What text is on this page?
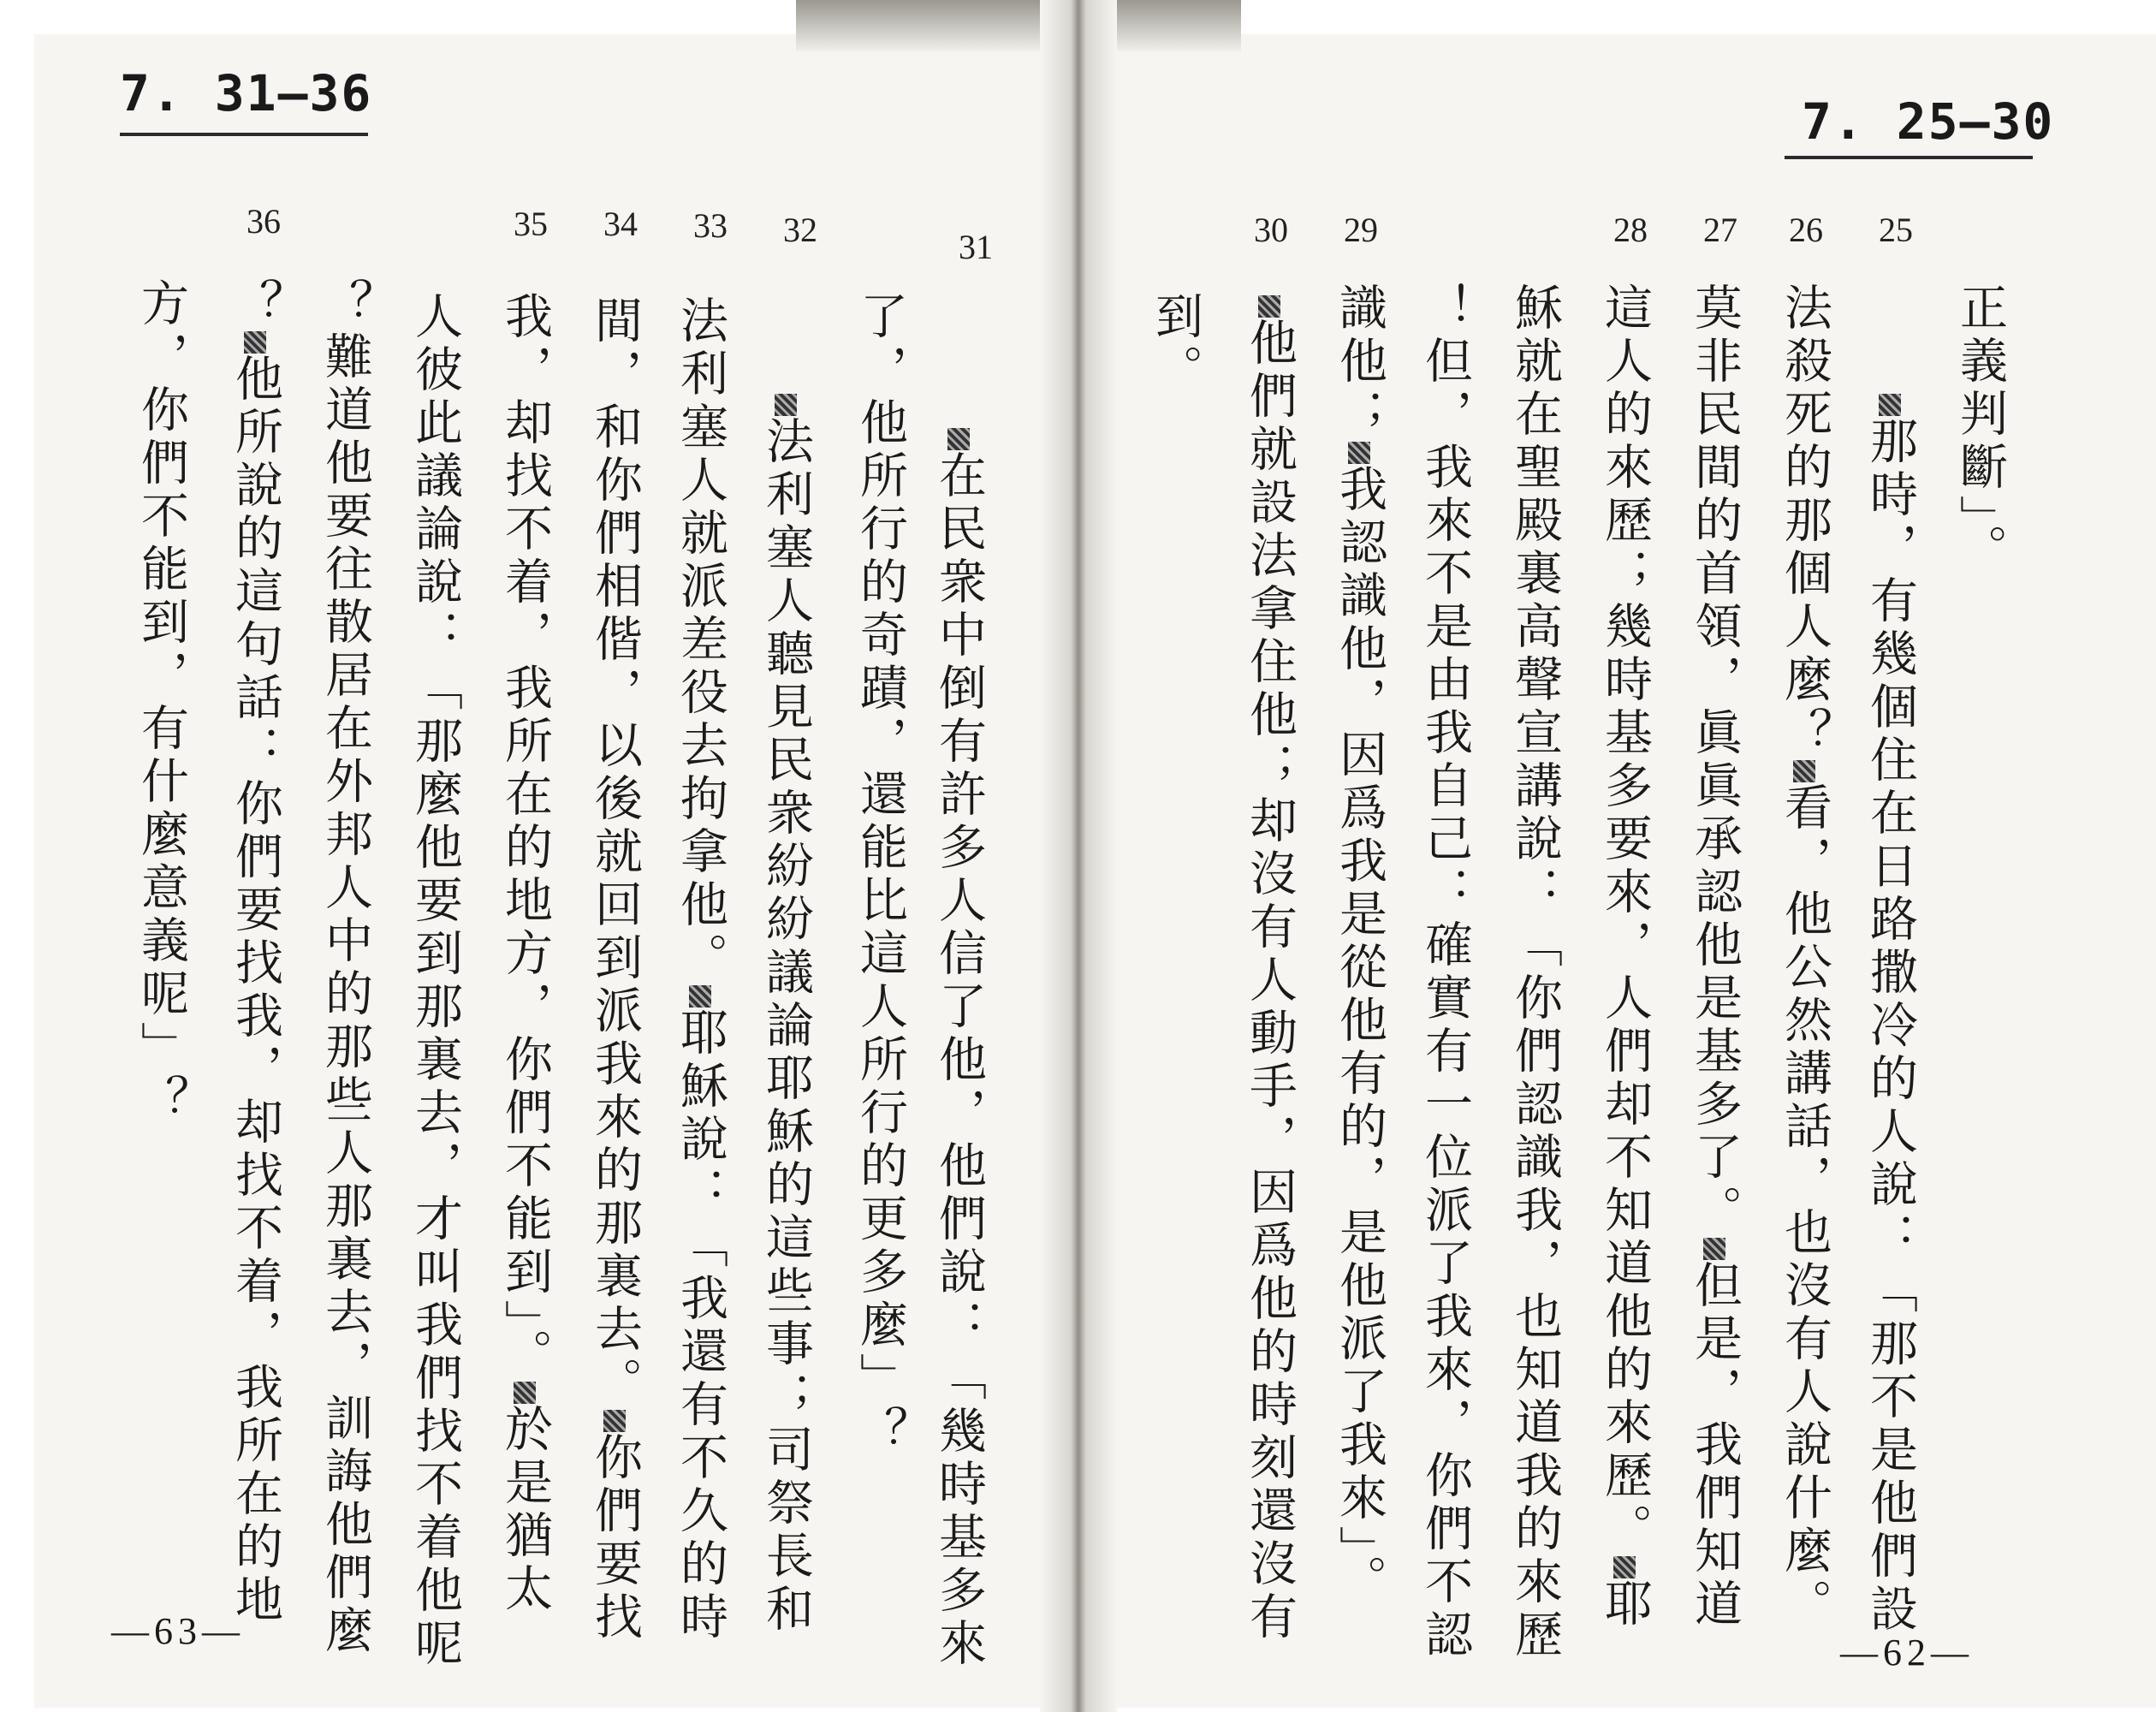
7. 31—36
36	35 34 33 32	31
在民衆中倒有許多人信了他，他們說：「幾時基多來
了，他所行的奇蹟，還能比這人所行的更多麼」？
法利塞人聽見民衆紛紛議論耶穌的這些事；司祭長和
法利塞人就派差役去拘拿他。耶穌說：「我還有不久的時
間，和你們相偕，以後就回到派我來的那裏去。你們要找
我，却找不着，我所在的地方，你們不能到」。於是猶太
人彼此議論說：「那麼他要到那裏去，才叫我們找不着他呢
？難道他要往散居在外邦人中的那些人那裏去，訓誨他們麼
？他所說的這句話：你們要找我，却找不着，我所在的地
方，你們不能到，有什麼意義呢」？
—63—
7. 25—30
30 29	28 27 26 25
正義判斷」。
那時，有幾個住在日路撒冷的人說：「那不是他們設
法殺死的那個人麼？看，他公然講話，也沒有人說什麼。
莫非民間的首領，眞眞承認他是基多了。但是，我們知道
這人的來歷；幾時基多要來，人們却不知道他的來歷。耶
穌就在聖殿裏高聲宣講說：「你們認識我，也知道我的來歷
！但，我來不是由我自己：確實有一位派了我來，你們不認
識他；我認識他，因爲我是從他有的，是他派了我來」。
他們就設法拿住他；却沒有人動手，因爲他的時刻還沒有
到。
—62—
